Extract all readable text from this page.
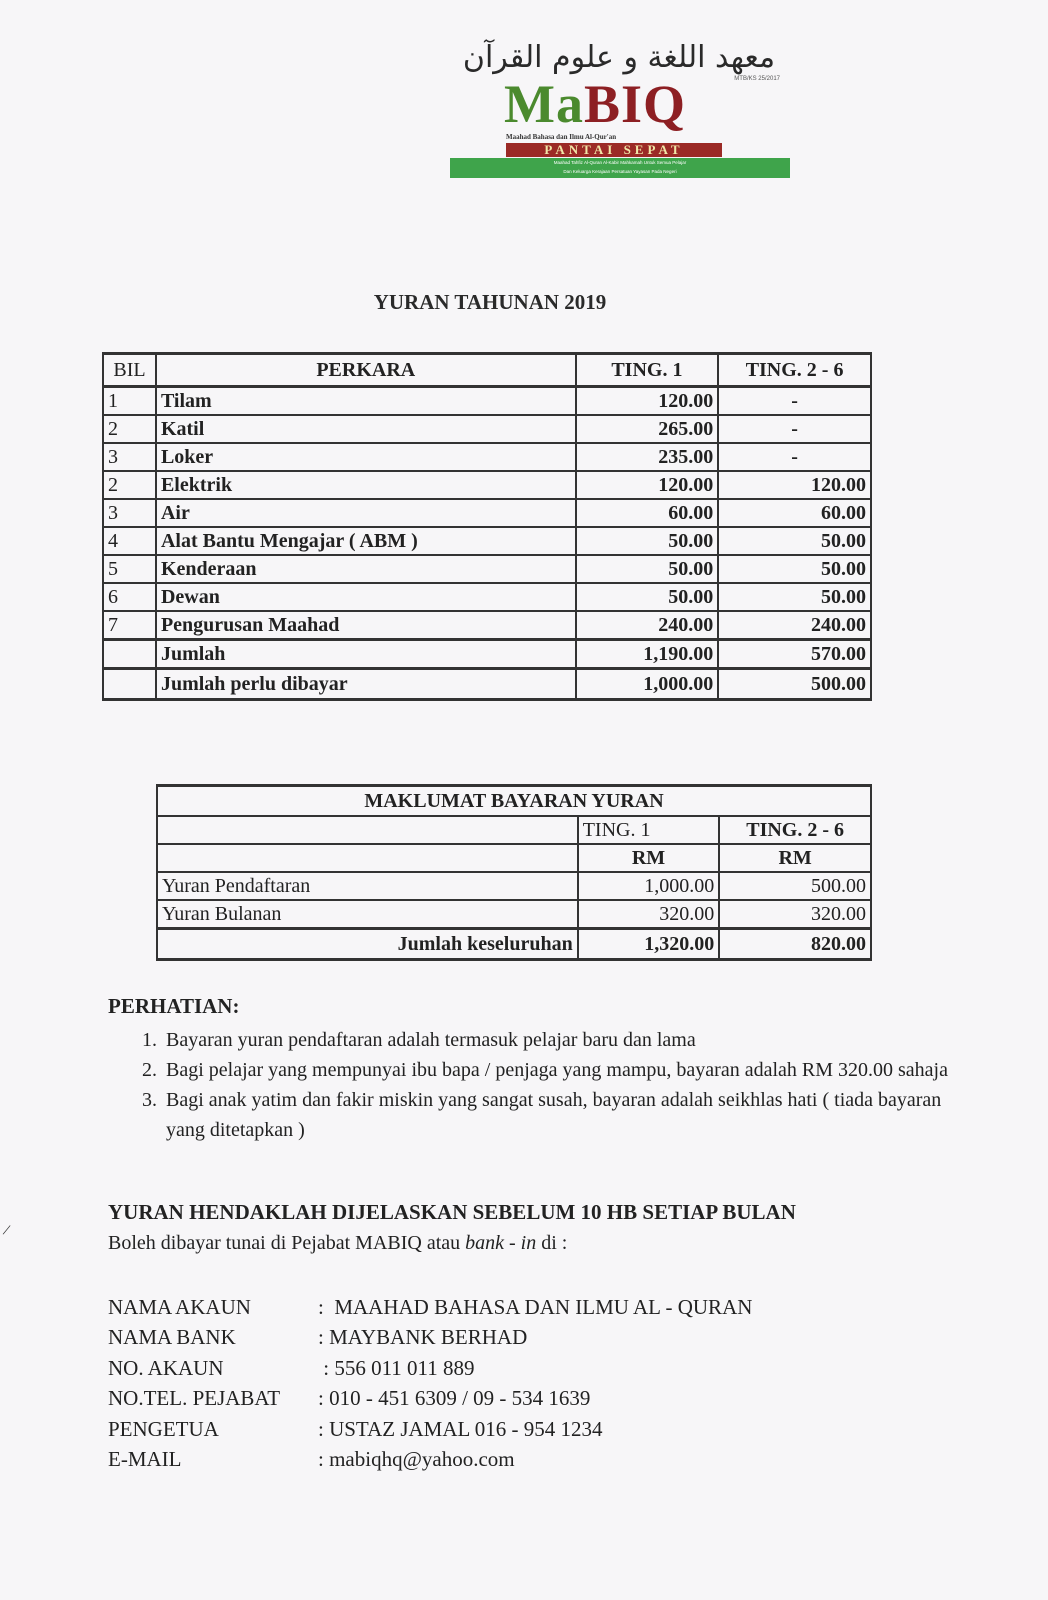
/
معهد اللغة و علوم القرآن
MTB/KS 25/2017
MaBIQ
Maahad Bahasa dan Ilmu Al-Qur'an
PANTAI SEPAT
Maahad Tahfiz Al-Quran Al-Kabir Mahkamah Untuk Semua Pelajar
Dan Keluarga Kerajaan Persatuan Yayasan Pada Negeri
YURAN TAHUNAN 2019
BIL	PERKARA	TING. 1	TING. 2 - 6
1	Tilam	120.00	-
2	Katil	265.00	-
3	Loker	235.00	-
2	Elektrik	120.00	120.00
3	Air	60.00	60.00
4	Alat Bantu Mengajar ( ABM )	50.00	50.00
5	Kenderaan	50.00	50.00
6	Dewan	50.00	50.00
7	Pengurusan Maahad	240.00	240.00
	Jumlah	1,190.00	570.00
	Jumlah perlu dibayar	1,000.00	500.00
MAKLUMAT BAYARAN YURAN		
	TING. 1	TING. 2 - 6
	RM	RM
Yuran Pendaftaran	1,000.00	500.00
Yuran Bulanan	320.00	320.00
Jumlah keseluruhan	1,320.00	820.00
PERHATIAN:
1. Bayaran yuran pendaftaran adalah termasuk pelajar baru dan lama
2. Bagi pelajar yang mempunyai ibu bapa / penjaga yang mampu, bayaran adalah RM 320.00 sahaja
3. Bagi anak yatim dan fakir miskin yang sangat susah, bayaran adalah seikhlas hati ( tiada bayaran yang ditetapkan )
YURAN HENDAKLAH DIJELASKAN SEBELUM 10 HB SETIAP BULAN
Boleh dibayar tunai di Pejabat MABIQ atau bank - in di :
NAMA AKAUN	:  MAAHAD BAHASA DAN ILMU AL - QURAN
NAMA BANK	: MAYBANK BERHAD
NO. AKAUN	: 556 011 011 889
NO.TEL. PEJABAT	: 010 - 451 6309 / 09 - 534 1639
PENGETUA	: USTAZ JAMAL 016 - 954 1234
E-MAIL	: mabiqhq@yahoo.com
